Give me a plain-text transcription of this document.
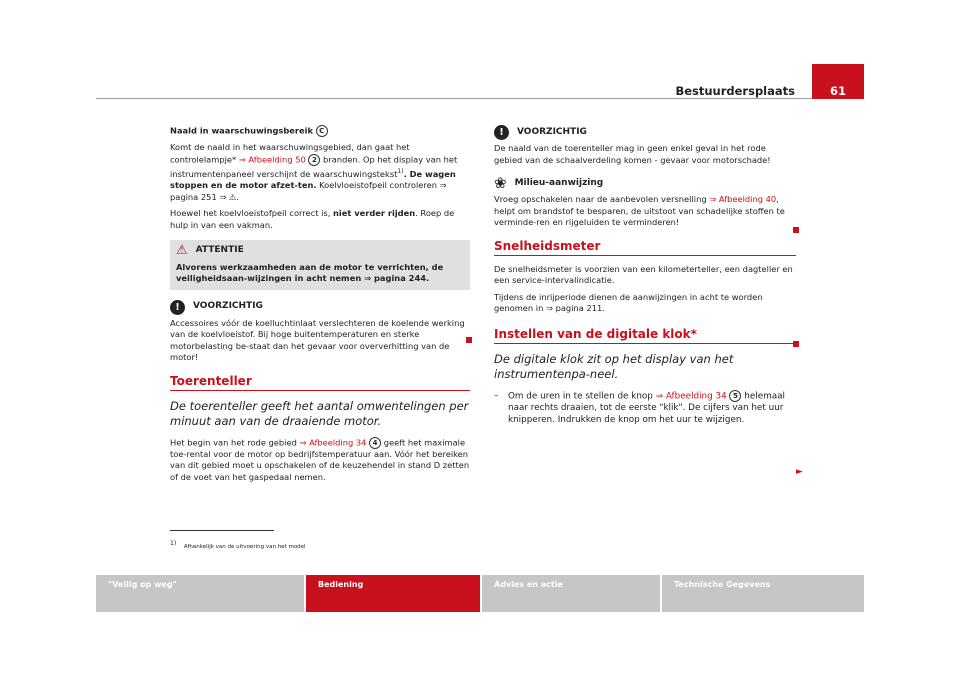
Bestuurdersplaats	61

Naald in waarschuwingsbereik C

Komt de naald in het waarschuwingsgebied, dan gaat het controlelampje* ⇒ Afbeelding 50 2 branden. Op het display van het instrumentenpaneel verschijnt de waarschuwingstekst$^{1)}$. De wagen stoppen en de motor afzet-ten. Koelvloeistofpeil controleren ⇒ pagina 251 ⇒ ⚠.

Hoewel het koelvloeistofpeil correct is, niet verder rijden. Roep de hulp in van een vakman.

⚠ ATTENTIE
Alvorens werkzaamheden aan de motor te verrichten, de veiligheidsaan-wijzingen in acht nemen ⇒ pagina 244.
!	VOORZICHTIG

Accessoires vóór de koelluchtinlaat verslechteren de koelende werking van de koelvloeistof. Bij hoge buitentemperaturen en sterke motorbelasting be-staat dan het gevaar voor oververhitting van de motor!

Toerenteller
De toerenteller geeft het aantal omwentelingen per minuut aan van de draaiende motor.

Het begin van het rode gebied ⇒ Afbeelding 34 4 geeft het maximale toe-rental voor de motor op bedrijfstemperatuur aan. Vóór het bereiken van dit gebied moet u opschakelen of de keuzehendel in stand D zetten of de voet van het gaspedaal nemen.

!	VOORZICHTIG

De naald van de toerenteller mag in geen enkel geval in het rode gebied van de schaalverdeling komen - gevaar voor motorschade!

❀ Milieu-aanwijzing

Vroeg opschakelen naar de aanbevolen versnelling ⇒ Afbeelding 40, helpt om brandstof te besparen, de uitstoot van schadelijke stoffen te verminde-ren en rijgeluiden te verminderen!

Snelheidsmeter

De snelheidsmeter is voorzien van een kilometerteller, een dagteller en een service-intervalindicatie.

Tijdens de inrijperiode dienen de aanwijzingen in acht te worden genomen in ⇒ pagina 211.

Instellen van de digitale klok*
De digitale klok zit op het display van het instrumentenpa-neel.
– Om de uren in te stellen de knop ⇒ Afbeelding 34 5 helemaal naar rechts draaien, tot de eerste "klik". De cijfers van het uur knipperen. Indrukken de knop om het uur te wijzigen.
►
1) Afhankelijk van de uitvoering van het model
"Veilig op weg"	Bediening	Advies en actie	Technische Gegevens
